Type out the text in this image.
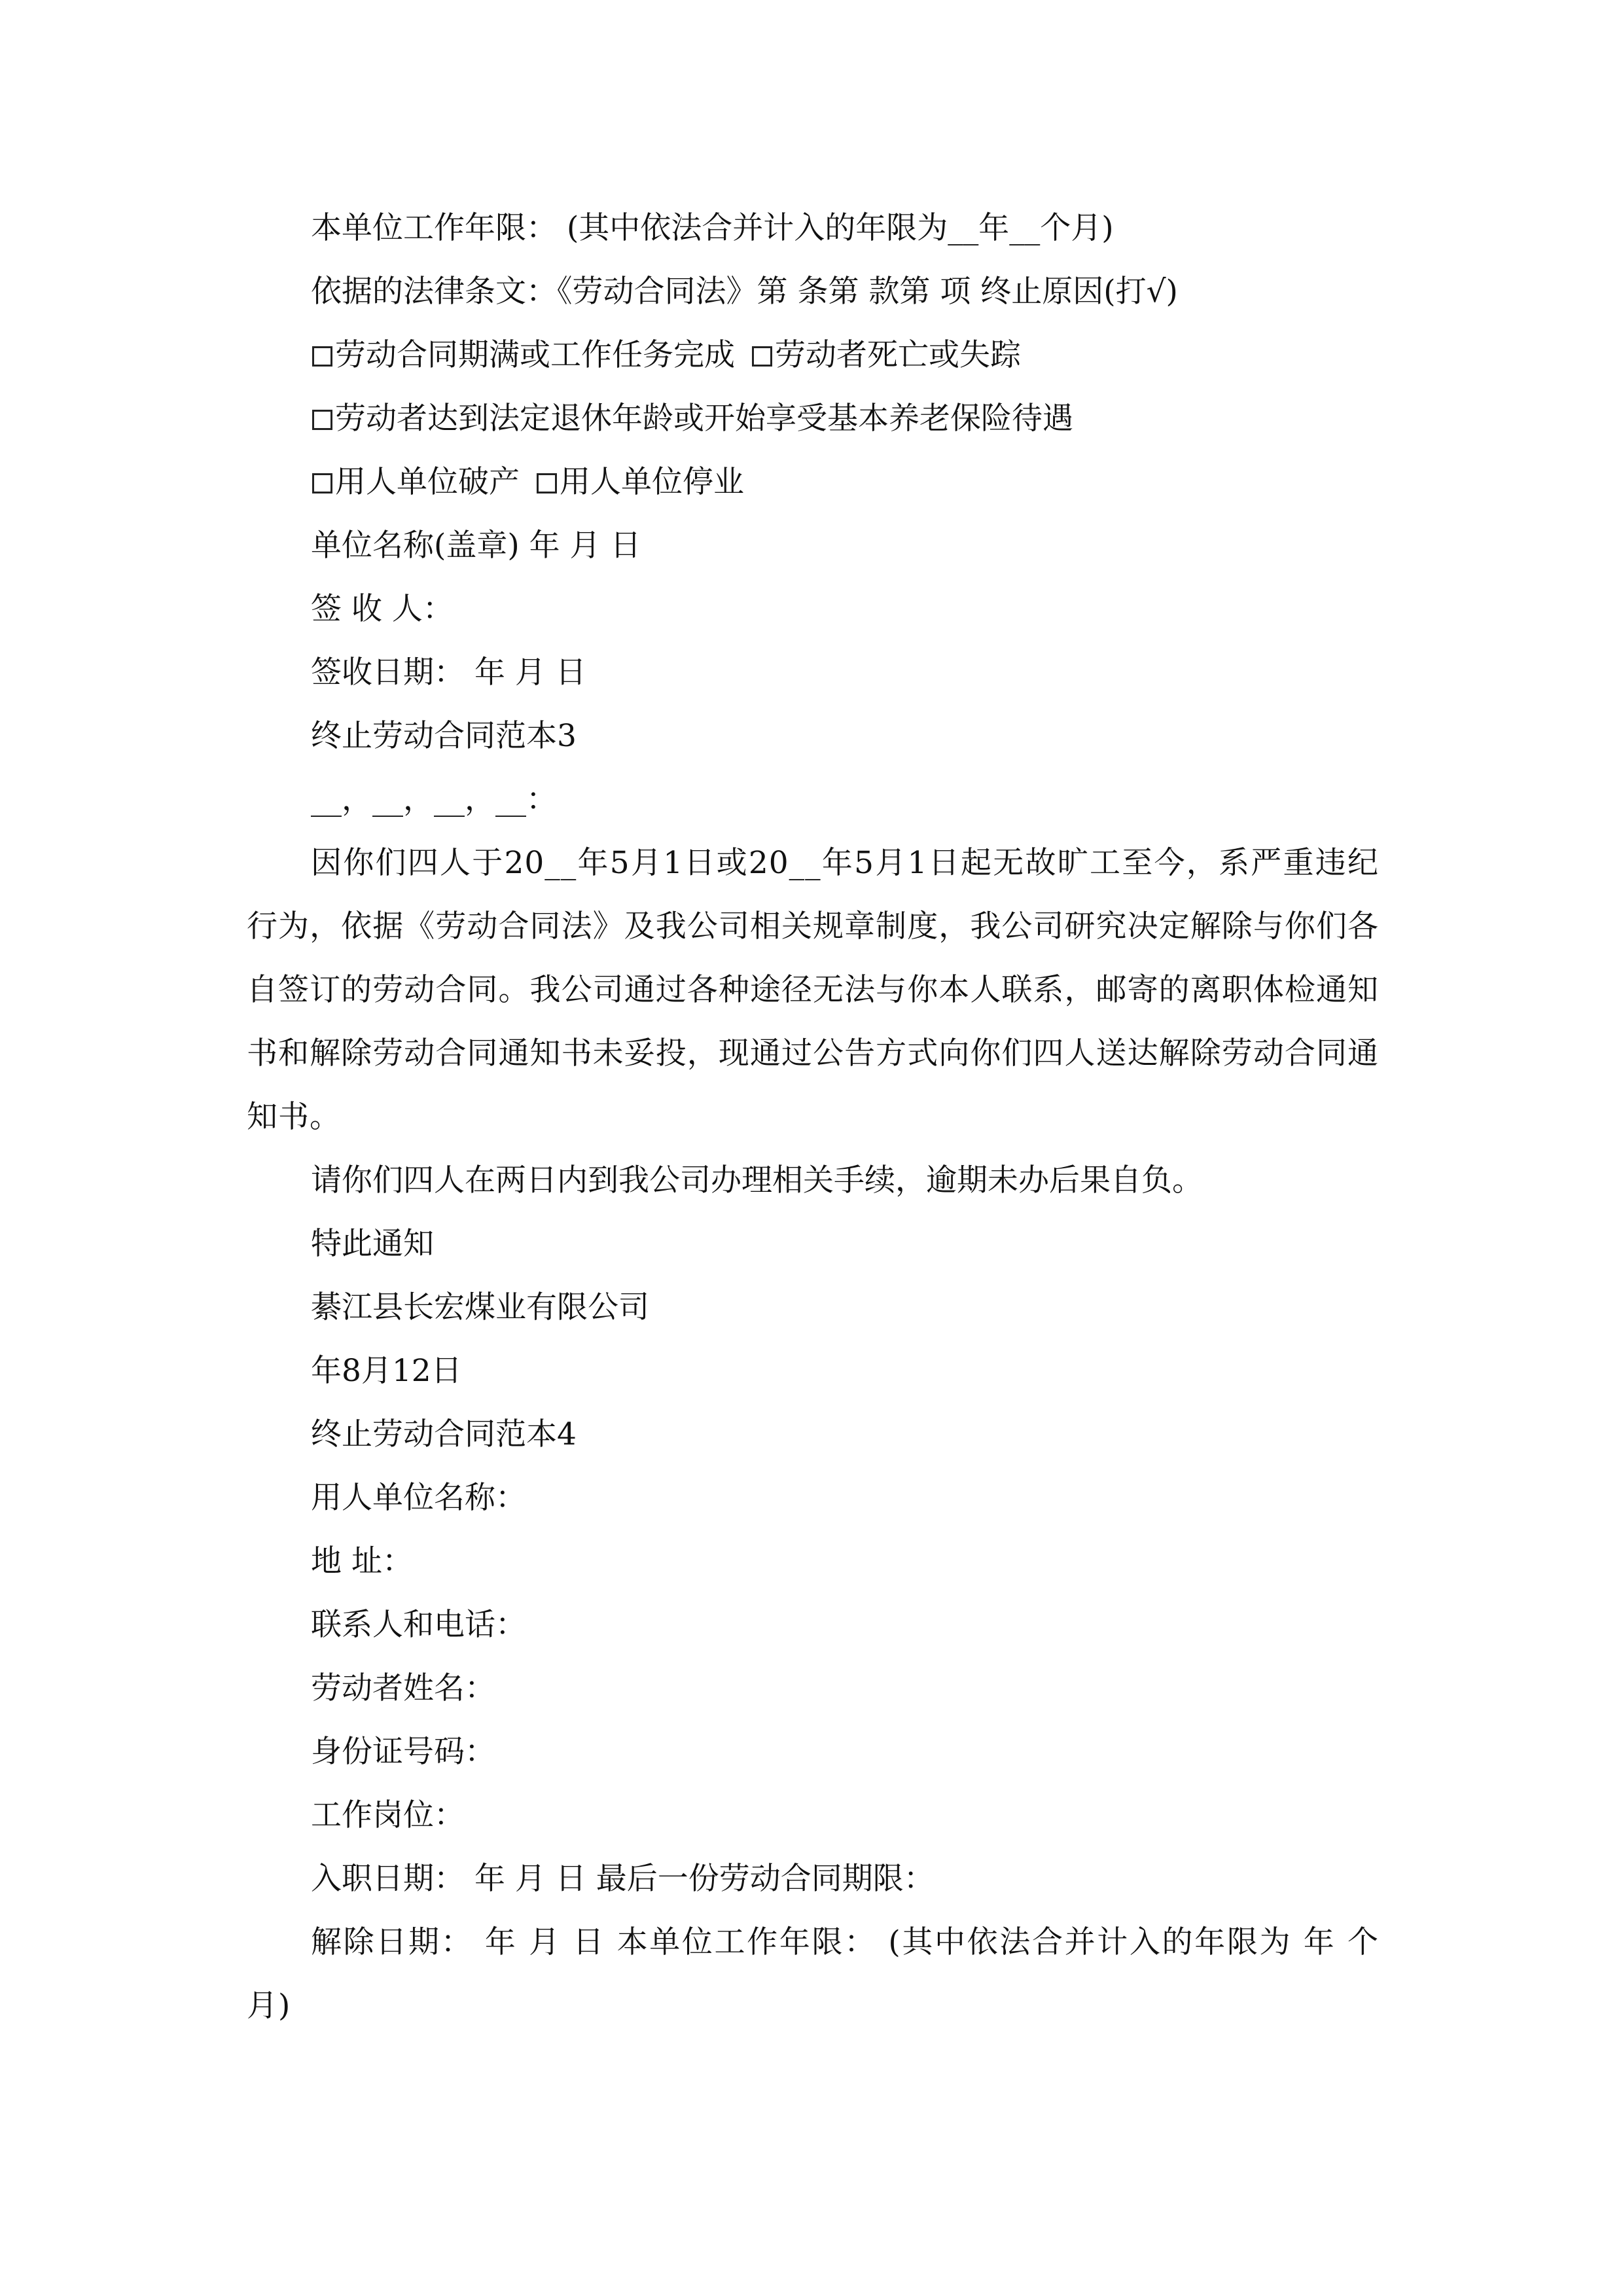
本单位工作年限： (其中依法合并计入的年限为__年__个月)
依据的法律条文：《劳动合同法》第 条第 款第 项 终止原因(打√)
劳动合同期满或工作任务完成 劳动者死亡或失踪
劳动者达到法定退休年龄或开始享受基本养老保险待遇
用人单位破产 用人单位停业
单位名称(盖章) 年 月 日
签 收 人：
签收日期： 年 月 日
终止劳动合同范本3
__，__，__，__：
因你们四人于20__年5月1日或20__年5月1日起无故旷工至今，系严重违纪行为，依据《劳动合同法》及我公司相关规章制度，我公司研究决定解除与你们各自签订的劳动合同。我公司通过各种途径无法与你本人联系，邮寄的离职体检通知书和解除劳动合同通知书未妥投，现通过公告方式向你们四人送达解除劳动合同通知书。
请你们四人在两日内到我公司办理相关手续，逾期未办后果自负。
特此通知
綦江县长宏煤业有限公司
年8月12日
终止劳动合同范本4
用人单位名称：
地 址：
联系人和电话：
劳动者姓名：
身份证号码：
工作岗位：
入职日期： 年 月 日 最后一份劳动合同期限：
解除日期： 年 月 日 本单位工作年限： (其中依法合并计入的年限为 年 个月)
